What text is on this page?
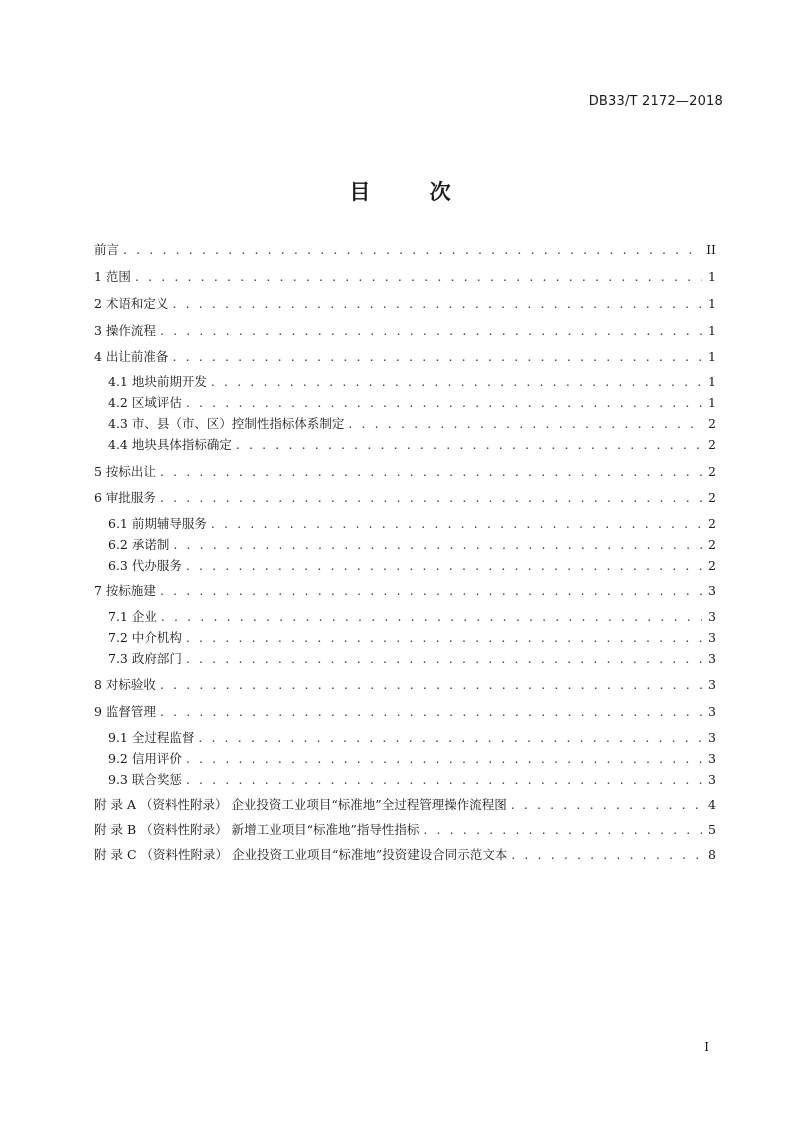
DB33/T 2172—2018
目 次
前言 . . .	II
1 范围 . . .	1
2 术语和定义 . . .	1
3 操作流程 . . .	1
4 出让前准备 . . .	1
4.1 地块前期开发 . . .	1
4.2 区域评估 . . .	1
4.3 市、县（市、区）控制性指标体系制定 . . .	2
4.4 地块具体指标确定 . . .	2
5 按标出让 . . .	2
6 审批服务 . . .	2
6.1 前期辅导服务 . . .	2
6.2 承诺制 . . .	2
6.3 代办服务 . . .	2
7 按标施建 . . .	3
7.1 企业 . . .	3
7.2 中介机构 . . .	3
7.3 政府部门 . . .	3
8 对标验收 . . .	3
9 监督管理 . . .	3
9.1 全过程监督 . . .	3
9.2 信用评价 . . .	3
9.3 联合奖惩 . . .	3
附 录 A （资料性附录） 企业投资工业项目“标准地”全过程管理操作流程图 . . .	4
附 录 B （资料性附录） 新增工业项目“标准地”指导性指标 . . .	5
附 录 C （资料性附录） 企业投资工业项目“标准地”投资建设合同示范文本 . . .	8
I
